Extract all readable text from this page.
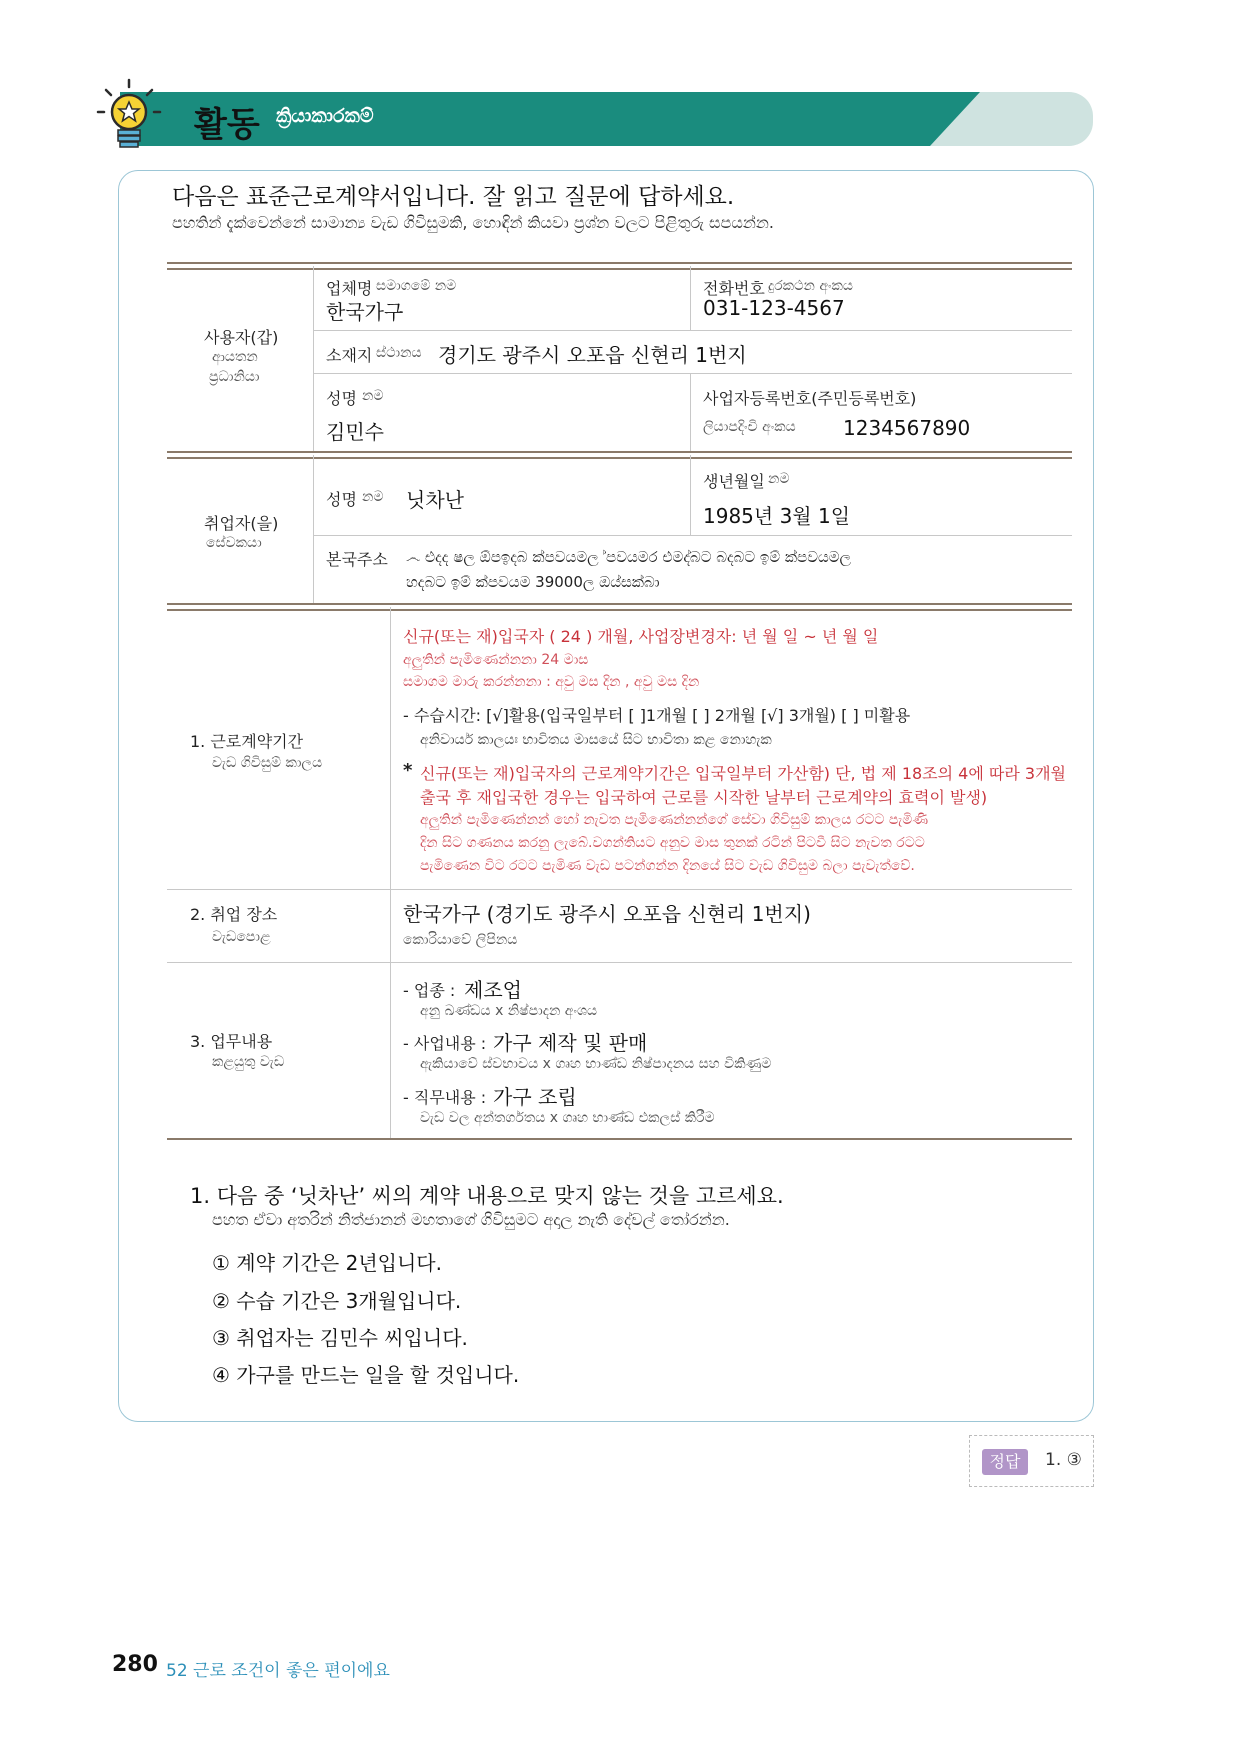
활동 ක්‍රියාකාරකම්
다음은 표준근로계약서입니다. 잘 읽고 질문에 답하세요.
පහතින් දැක්වෙන්නේ සාමාන්‍ය වැඩ ගිවිසුමකි, හොඳින් කියවා ප්‍රශ්න වලට පිළිතුරු සපයන්න.
사용자(갑)
ආයතන
ප්‍රධානියා
업체명 සමාගමේ නම
한국가구
전화번호 දුරකථන අංකය
031-123-4567
소재지 ස්ථානය 경기도 광주시 오포읍 신현리 1번지
성명 නම
김민수
사업자등록번호(주민등록번호)
ලියාපදිංචි අංකය 1234567890
취업자(을)
සේවකයා
성명 නම 닛차난
생년월일 නම
1985년 3월 1일
본국주소 ෴ එදද ෂල ඕපඉදබ ක්පවයමල ්පවයමර එමද්බට බදබට ඉම් ක්පවයමල
හදබට ඉම් ක්පවයම 39000ල ඔය්සක්බා
1. 근로계약기간
වැඩ ගිවිසුම් කාලය
신규(또는 재)입국자 ( 24 ) 개월, 사업장변경자: 년 월 일 ~ 년 월 일
අලුතින් පැමිණෙන්නනා 24 මාස
සමාගම මාරු කරන්නනා : අවු මස දින , අවු මස දින
- 수습시간: [√]활용(입국일부터 [ ]1개월 [ ] 2개월 [√] 3개월) [ ] 미활용
අනිවාර්ය කාලයඃ භාවිතය මාසයේ සිට භාවිතා කළ නොහැක
* 신규(또는 재)입국자의 근로계약기간은 입국일부터 가산함) 단, 법 제 18조의 4에 따라 3개월
출국 후 재입국한 경우는 입국하여 근로를 시작한 날부터 근로계약의 효력이 발생)
අලුතින් පැමිණෙන්නන් හෝ නැවත පැමිණෙන්නන්ගේ සේවා ගිවිසුම් කාලය රටට පැමිණි
දින සිට ගණනය කරනු ලැබේ.වගන්තියට අනුව මාස තුනක් රටින් පිටවී සිට නැවත රටට
පැමිණෙන විට රටට පැමිණ වැඩ පටන්ගන්න දිනයේ සිට වැඩ ගිවිසුම බලා පැවැත්වේ.
2. 취업 장소
වැඩපොළ
한국가구 (경기도 광주시 오포읍 신현리 1번지)
කොරියාවේ ලිපිනය
3. 업무내용
කළයුතු වැඩ
- 업종 : 제조업
අනු ඛණ්ඩය x නිෂ්පාදන අංශය
- 사업내용 : 가구 제작 및 판매
ඇකියාවේ ස්වභාවය x ගෘහ භාණ්ඩ නිෂ්පාදනය සහ විකිණුම
- 직무내용 : 가구 조립
වැඩ වල අන්තර්ගතය x ගෘහ භාණ්ඩ එකලස් කිරීම
1. 다음 중 ‘닛차난’ 씨의 계약 내용으로 맞지 않는 것을 고르세요.
පහත ඒවා අතරින් නිත්ජානන් මහතාගේ ගිවිසුමට අදාල නැති දේවල් තෝරන්න.
① 계약 기간은 2년입니다.
② 수습 기간은 3개월입니다.
③ 취업자는 김민수 씨입니다.
④ 가구를 만드는 일을 할 것입니다.
정답	1. ③
280 52 근로 조건이 좋은 편이에요
